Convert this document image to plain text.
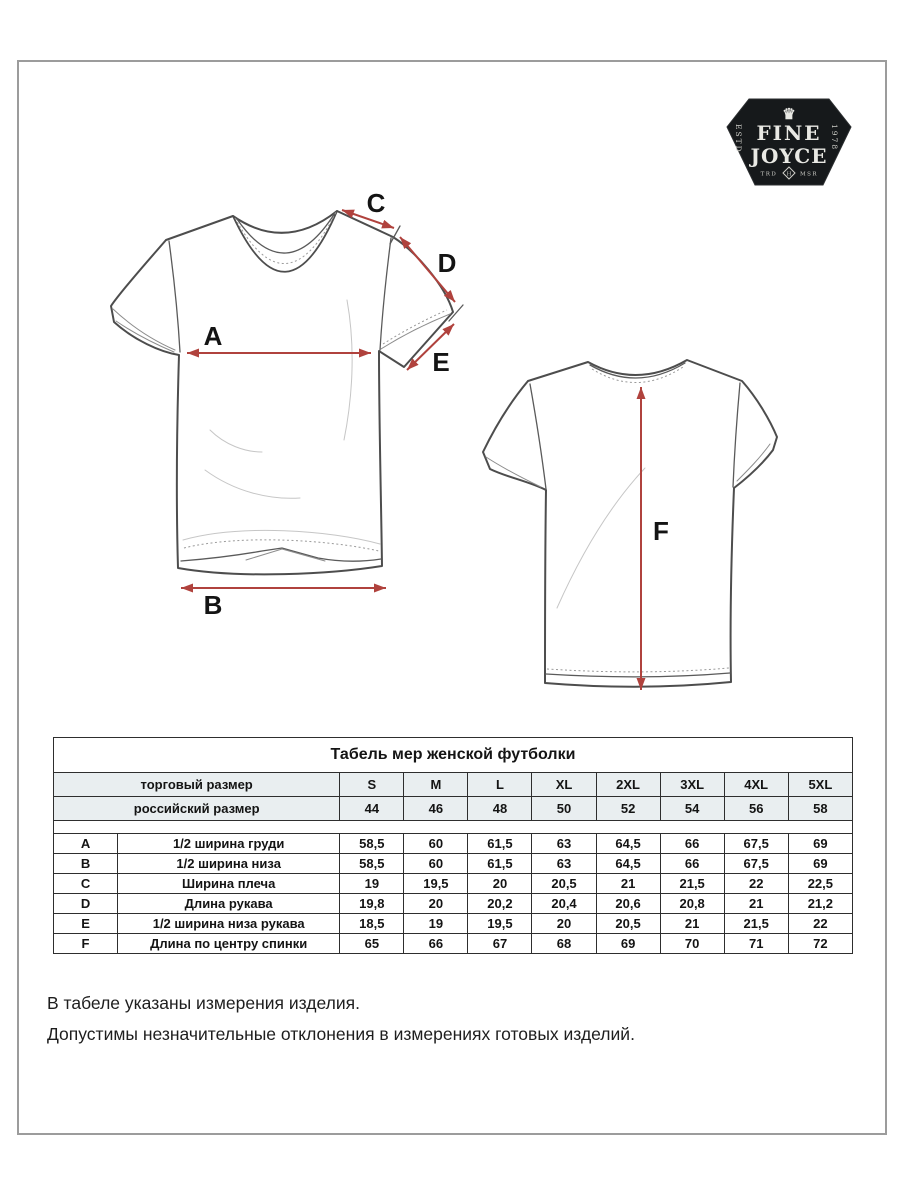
♛
FINE
JOYCE
ESTD	1978
TRD H MSR
A
B
C
D
E
F
Табель мер женской футболки									
торговый размер		S	M	L	XL	2XL	3XL	4XL	5XL
российский размер		44	46	48	50	52	54	56	58

A	1/2 ширина груди	58,5	60	61,5	63	64,5	66	67,5	69
B	1/2 ширина низа	58,5	60	61,5	63	64,5	66	67,5	69
C	Ширина плеча	19	19,5	20	20,5	21	21,5	22	22,5
D	Длина рукава	19,8	20	20,2	20,4	20,6	20,8	21	21,2
E	1/2 ширина низа рукава	18,5	19	19,5	20	20,5	21	21,5	22
F	Длина по центру спинки	65	66	67	68	69	70	71	72

В табеле указаны измерения изделия.

Допустимы незначительные отклонения в измерениях готовых изделий.
